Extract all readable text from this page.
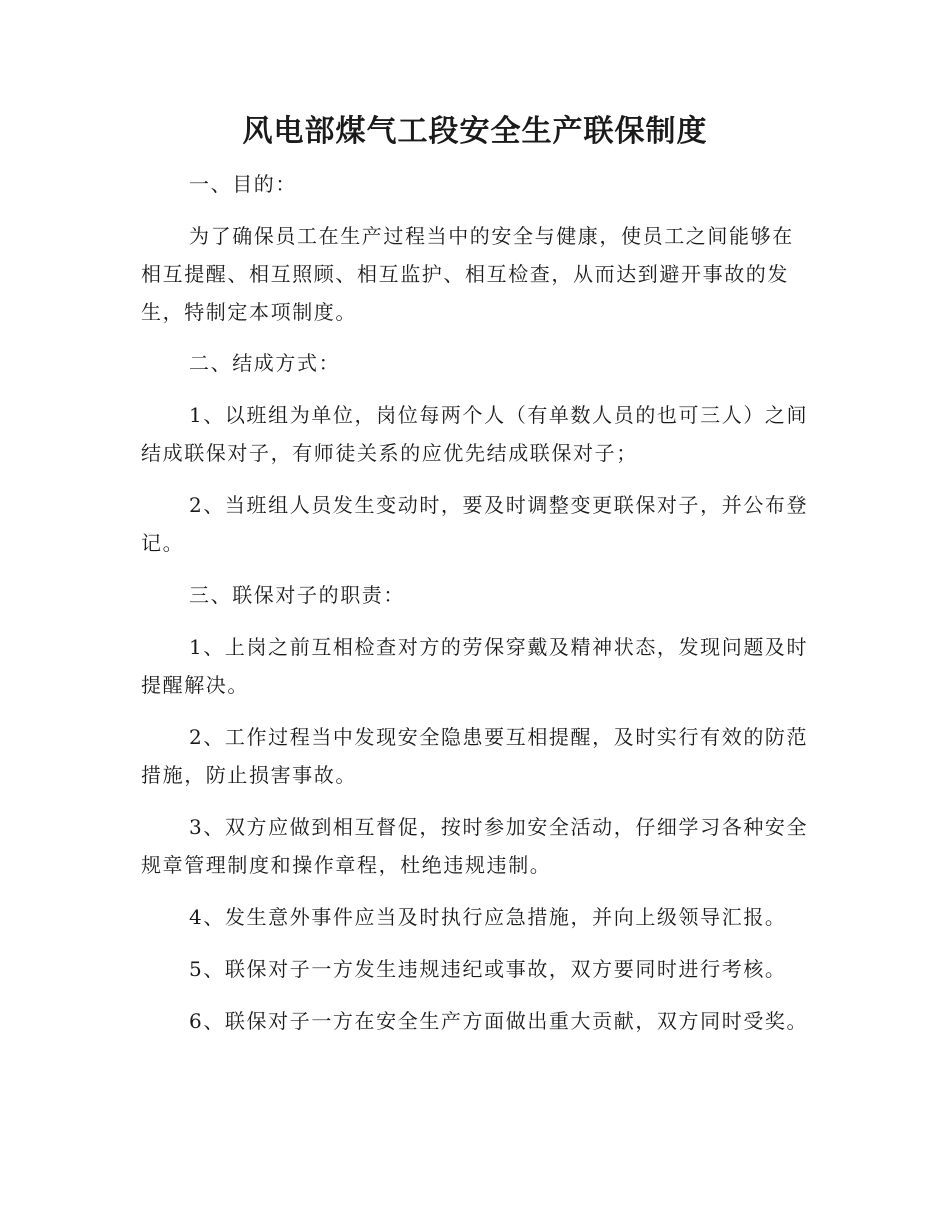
风电部煤气工段安全生产联保制度

一、目的：

为了确保员工在生产过程当中的安全与健康，使员工之间能够在相互提醒、相互照顾、相互监护、相互检查，从而达到避开事故的发生，特制定本项制度。

二、结成方式：

1、以班组为单位，岗位每两个人（有单数人员的也可三人）之间结成联保对子，有师徒关系的应优先结成联保对子；

2、当班组人员发生变动时，要及时调整变更联保对子，并公布登记。

三、联保对子的职责：

1、上岗之前互相检查对方的劳保穿戴及精神状态，发现问题及时提醒解决。

2、工作过程当中发现安全隐患要互相提醒，及时实行有效的防范措施，防止损害事故。

3、双方应做到相互督促，按时参加安全活动，仔细学习各种安全规章管理制度和操作章程，杜绝违规违制。

4、发生意外事件应当及时执行应急措施，并向上级领导汇报。

5、联保对子一方发生违规违纪或事故，双方要同时进行考核。

6、联保对子一方在安全生产方面做出重大贡献，双方同时受奖。
